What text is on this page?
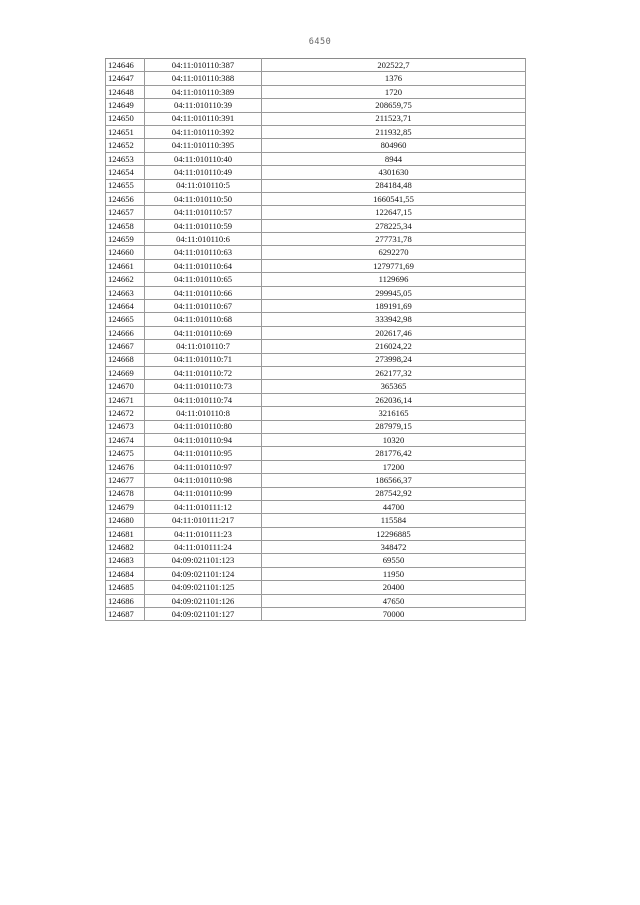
6450
124646	04:11:010110:387	202522,7
124647	04:11:010110:388	1376
124648	04:11:010110:389	1720
124649	04:11:010110:39	208659,75
124650	04:11:010110:391	211523,71
124651	04:11:010110:392	211932,85
124652	04:11:010110:395	804960
124653	04:11:010110:40	8944
124654	04:11:010110:49	4301630
124655	04:11:010110:5	284184,48
124656	04:11:010110:50	1660541,55
124657	04:11:010110:57	122647,15
124658	04:11:010110:59	278225,34
124659	04:11:010110:6	277731,78
124660	04:11:010110:63	6292270
124661	04:11:010110:64	1279771,69
124662	04:11:010110:65	1129696
124663	04:11:010110:66	299945,05
124664	04:11:010110:67	189191,69
124665	04:11:010110:68	333942,98
124666	04:11:010110:69	202617,46
124667	04:11:010110:7	216024,22
124668	04:11:010110:71	273998,24
124669	04:11:010110:72	262177,32
124670	04:11:010110:73	365365
124671	04:11:010110:74	262036,14
124672	04:11:010110:8	3216165
124673	04:11:010110:80	287979,15
124674	04:11:010110:94	10320
124675	04:11:010110:95	281776,42
124676	04:11:010110:97	17200
124677	04:11:010110:98	186566,37
124678	04:11:010110:99	287542,92
124679	04:11:010111:12	44700
124680	04:11:010111:217	115584
124681	04:11:010111:23	12296885
124682	04:11:010111:24	348472
124683	04:09:021101:123	69550
124684	04:09:021101:124	11950
124685	04:09:021101:125	20400
124686	04:09:021101:126	47650
124687	04:09:021101:127	70000
